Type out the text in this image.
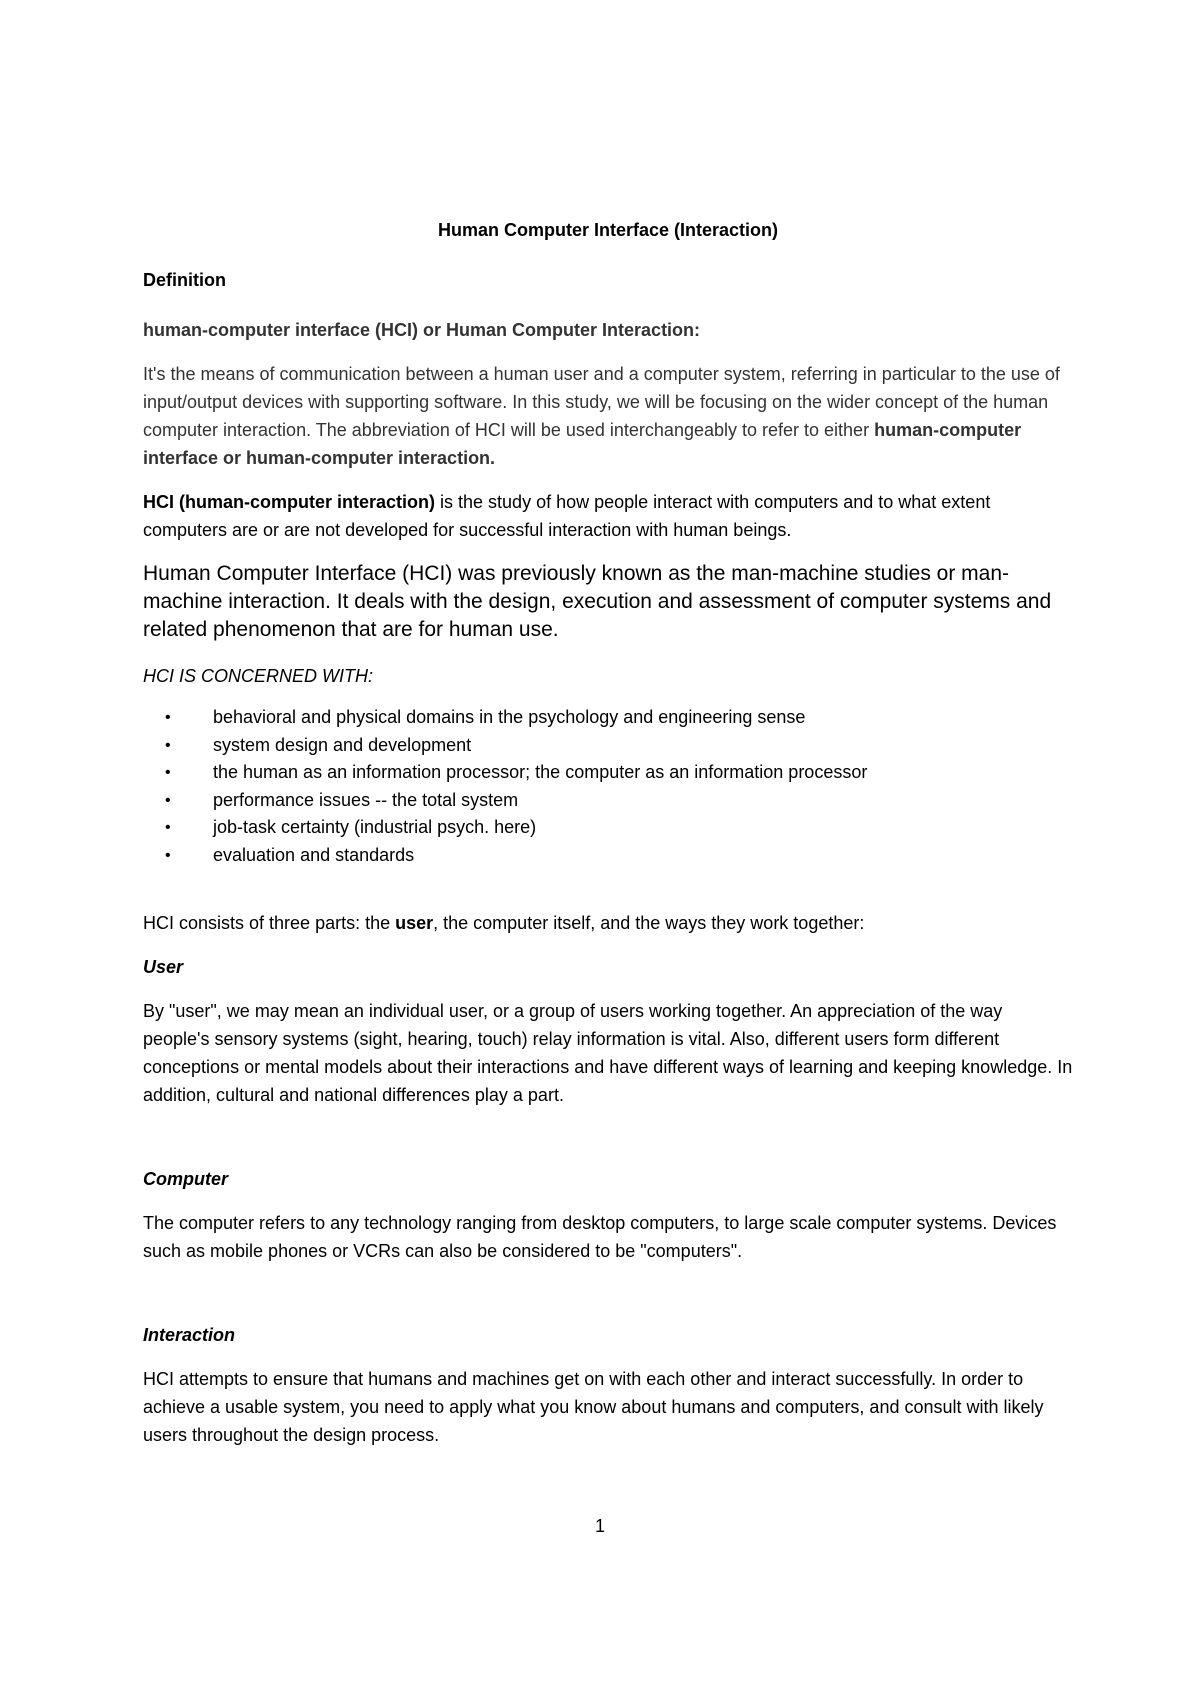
Human Computer Interface (Interaction)
Definition
human-computer interface (HCI) or Human Computer Interaction:

It's the means of communication between a human user and a computer system, referring in particular to the use of input/output devices with supporting software. In this study, we will be focusing on the wider concept of the human computer interaction. The abbreviation of HCI will be used interchangeably to refer to either human-computer interface or human-computer interaction.

HCI (human-computer interaction) is the study of how people interact with computers and to what extent computers are or are not developed for successful interaction with human beings.

Human Computer Interface (HCI) was previously known as the man-machine studies or man-machine interaction. It deals with the design, execution and assessment of computer systems and related phenomenon that are for human use.

HCI IS CONCERNED WITH:
• behavioral and physical domains in the psychology and engineering sense
• system design and development
• the human as an information processor; the computer as an information processor
• performance issues -- the total system
• job-task certainty (industrial psych. here)
• evaluation and standards

HCI consists of three parts: the user, the computer itself, and the ways they work together:

User

By "user", we may mean an individual user, or a group of users working together. An appreciation of the way people's sensory systems (sight, hearing, touch) relay information is vital. Also, different users form different conceptions or mental models about their interactions and have different ways of learning and keeping knowledge. In addition, cultural and national differences play a part.

Computer

The computer refers to any technology ranging from desktop computers, to large scale computer systems. Devices such as mobile phones or VCRs can also be considered to be "computers".

Interaction

HCI attempts to ensure that humans and machines get on with each other and interact successfully. In order to achieve a usable system, you need to apply what you know about humans and computers, and consult with likely users throughout the design process.

1
